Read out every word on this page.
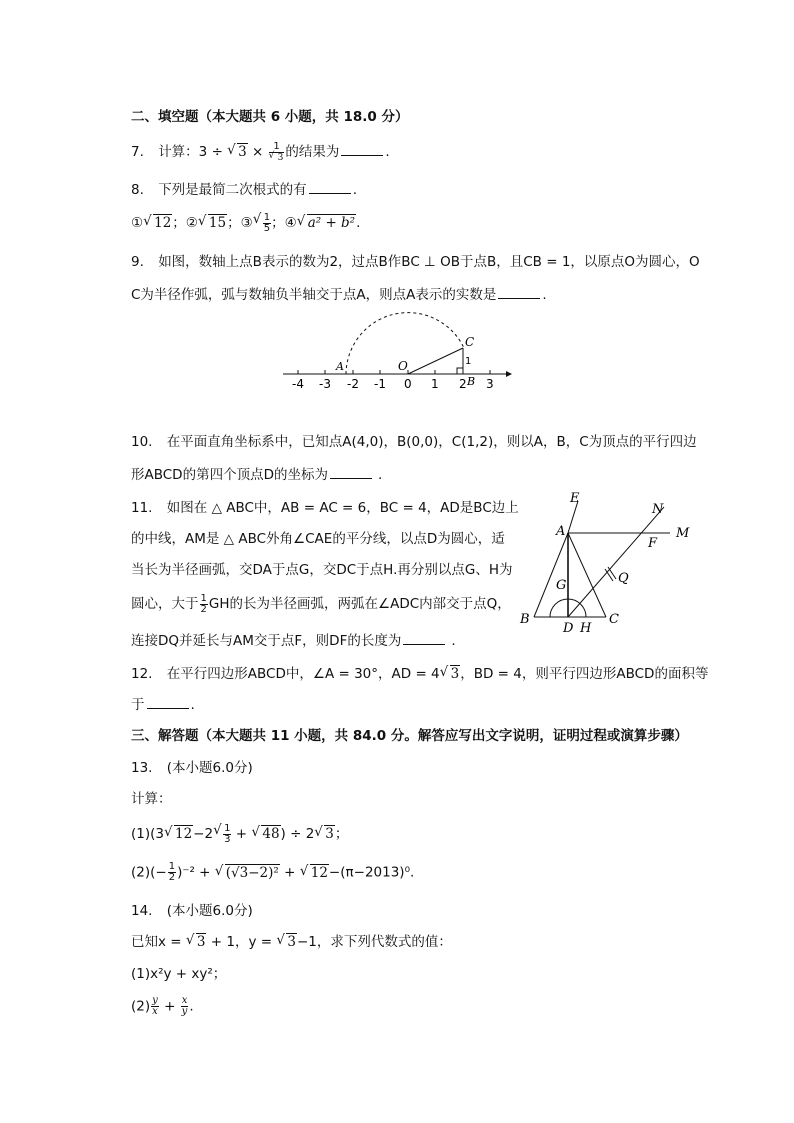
二、填空题（本大题共 6 小题，共 18.0 分）
7. 计算：3 ÷ √ 3 × 1
√ 3 的结果为	.
8. 下列是最简二次根式的有	.
① √ 12；② √ 15；③ √ $\frac{1}{5}$ ；④ √ a² + b².
9. 如图，数轴上点B表示的数为2，过点B作BC ⊥ OB于点B，且CB = 1，以原点O为圆心，O
C为半径作弧，弧与数轴负半轴交于点A，则点A表示的实数是	.
-4 -3 -2 -1 0 1 2 3
A	O
C
1
B
10. 在平面直角坐标系中，已知点A(4,0)，B(0,0)，C(1,2)，则以A，B，C为顶点的平行四边
形ABCD的第四个顶点D的坐标为	.
11. 如图在 △ ABC中，AB = AC = 6，BC = 4，AD是BC边上
的中线，AM是 △ ABC外角∠CAE的平分线，以点D为圆心，适
当长为半径画弧，交DA于点G，交DC于点H.再分别以点G、H为
圆心，大于 $\frac{1}{2}$ GH的长为半径画弧，两弧在∠ADC内部交于点Q，
连接DQ并延长与AM交于点F，则DF的长度为	.
E
N
A	M
F
G	Q
B
D H
C
12. 在平行四边形ABCD中，∠A = 30°，AD = 4 √ 3，BD = 4，则平行四边形ABCD的面积等
于	.
三、解答题（本大题共 11 小题，共 84.0 分。解答应写出文字说明，证明过程或演算步骤）
13. (本小题6.0分)
计算：
(1)(3 √ 12−2 √ $\frac{1}{3}$ + √ 48) ÷ 2 √ 3；
$(2)(- \frac{1}{2} )^{-2}$ + √ (√3−2)² + √ 12−(π−2013)⁰.
14. (本小题6.0分)
已知x = √ 3 + 1，y = √ 3−1，求下列代数式的值：
(1)x²y + xy²；
$(2) \frac{y}{x} + \frac{x}{y}$ .
